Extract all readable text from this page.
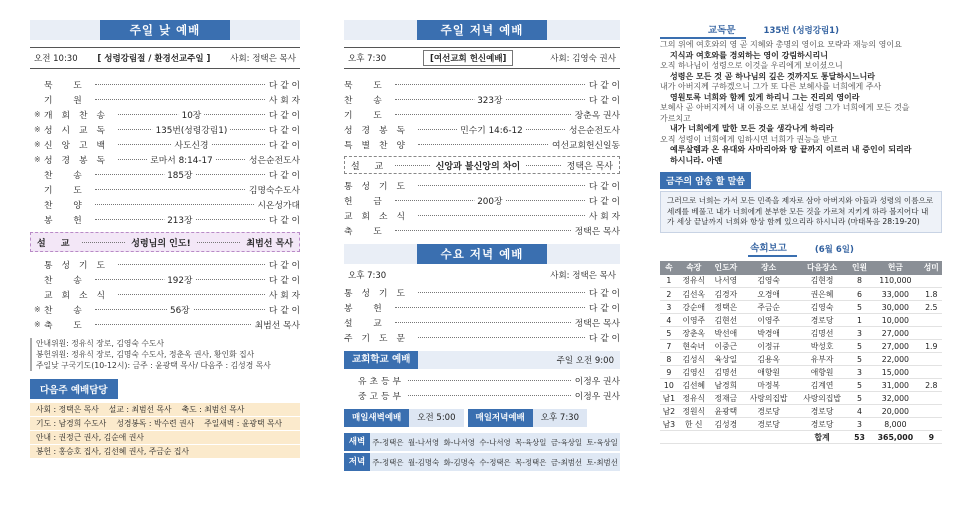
주일 낮 예배
오전 10:30 [ 성령강림절 / 환경선교주일 ] 사회: 정택은 목사
묵 도	다 같 이
기 원	사 회 자
※ 개회찬송	10장	다 같 이
※ 성시교독	135번(성령강림1)	다 같 이
※ 신앙고백	사도신경	다 같 이
※ 성경봉독	로마서 8:14-17	성은순전도사
찬 송	185장	다 같 이
기 도	김명숙수도사
찬 양	시온성가대
봉 헌	213장	다 같 이
설 교	성령님의 인도!	최범선 목사
통성기도	다 같 이
찬 송	192장	다 같 이
교회소식	사 회 자
※ 찬 송	56장	다 같 이
※ 축 도	최범선 목사
안내위원: 정유식 장로, 김영숙 수도사
봉헌위원: 정유식 장로, 김명숙 수도사, 정춘옥 권사, 황인화 집사
주일낮 구국기도(10-12시): 금주 : 윤광택 목사/ 다음주 : 김성경 목사
다음주 예배담당
사회 : 정택은 목사 설교 : 최범선 목사 축도 : 최범선 목사
기도 : 남경희 수도사 성경봉독 : 박수련 권사 주일새벽 : 윤광택 목사
안내 : 권정근 권사, 김순애 권사
봉헌 : 홍승호 집사, 김선혜 권사, 주금순 집사
주일 저녁 예배
오후 7:30	[여선교회 헌신예배]	사회: 김영숙 권사
묵 도	다 같 이
찬 송	323장	다 같 이
기 도	장춘옥 권사
성경봉독	민수기 14:6-12	성은순전도사
특별찬양	여선교회헌신일동
설 교	신앙과 불신앙의 차이	정택은 목사
통성기도	다 같 이
헌 금	200장	다 같 이
교회소식	사 회 자
축 도	정택은 목사
수요 저녁 예배
오후 7:30	사회: 정택은 목사
통성기도	다 같 이
봉 헌	다 같 이
설 교	정택은 목사
주기도문	다 같 이
교회학교 예배	주일 오전 9:00
유초등부	이정우 권사
중고등부	이정우 권사
매일새벽예배	오전 5:00	매일저녁예배	오후 7:30
새벽 주-정택은 월-나서영 화-나서영 수-나서영 목-육상일 금-육상일 토-육상일
저녁 주-정택은 월-김명숙 화-김명숙 수-정택은 목-정택은 금-최범선 토-최범선
교독문	135번 (성령강림1)
그의 위에 여호와의 영 곧 지혜와 총명의 영이요 모략과 재능의 영이요
지식과 여호와를 경외하는 영이 강림하시리니
오직 하나님이 성령으로 이것을 우리에게 보이셨으니
성령은 모든 것 곧 하나님의 깊은 것까지도 통달하시느니라
내가 아버지께 구하겠으니 그가 또 다른 보혜사를 너희에게 주사
영원토록 너희와 함께 있게 하리니 그는 진리의 영이라
보혜사 곧 아버지께서 내 이름으로 보내실 성령 그가 너희에게 모든 것을
가르치고
내가 너희에게 말한 모든 것을 생각나게 하리라
오직 성령이 너희에게 임하시면 너희가 권능을 받고
예루살렘과 온 유대와 사마리아와 땅 끝까지 이르러 내 증인이 되리라
하시니라. 아멘
금주의 암송 할 말씀
그러므로 너희는 가서 모든 민족을 제자로 삼아 아버지와 아들과 성령의 이름으로 세례를 베풀고 내가 너희에게 분부한 모든 것을 가르쳐 지키게 하라 볼지어다 내가 세상 끝날까지 너희와 항상 함께 있으리라 하시니라 (마태복음 28:19-20)
속회보고	(6월 6일)
속	속장	인도자	장소	다음장소	인원	헌금	성미
1	정유식	나서영	김영숙	김현정	8	110,000	
2	김선옥	김경자	오경애	권은혜	6	33,000	1.8
3	강순애	정택은	주금순	김영숙	5	30,000	2.5
4	이영주	김현선	이영주	경로당	1	10,000	
5	장춘옥	박선애	박경애	김명선	3	27,000	
7	현숙녀	이중근	이정규	박성호	5	27,000	1.9
8	김성식	육상일	김용옥	유부자	5	22,000	
9	김영신	김명선	애향원	애향원	3	15,000	
10	김선혜	남경희	마정복	김계연	5	31,000	2.8
남1	정유식	정재금	사랑의집밥	사랑의집밥	5	32,000	
남2	정원식	윤광택	경로당	경로당	4	20,000	
남3	한 신	김성경	경로당	경로당	3	8,000	
				합계	53	365,000	9
